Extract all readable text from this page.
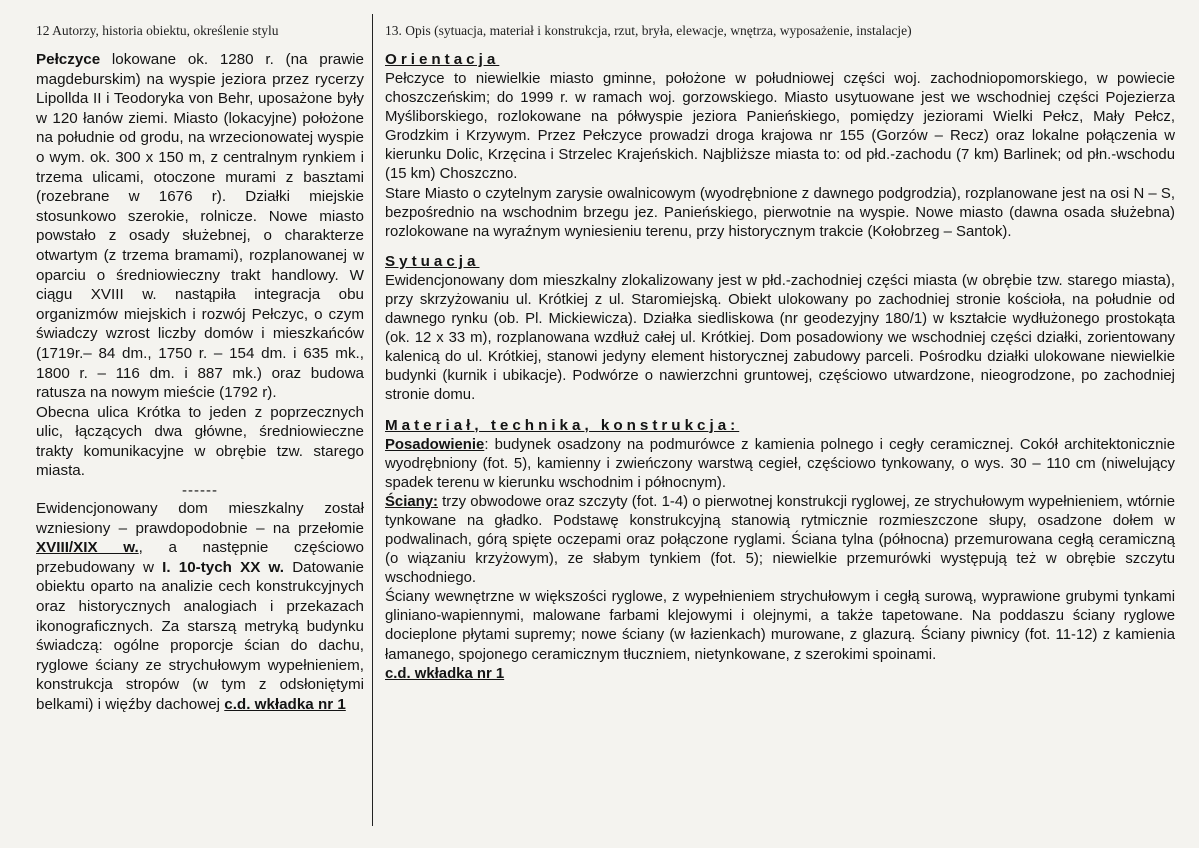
12 Autorzy, historia obiektu, określenie stylu

Pełczyce lokowane ok. 1280 r. (na prawie magdeburskim) na wyspie jeziora przez rycerzy Lipollda II i Teodoryka von Behr, uposażone były w 120 łanów ziemi. Miasto (lokacyjne) położone na południe od grodu, na wrzecionowatej wyspie o wym. ok. 300 x 150 m, z centralnym rynkiem i trzema ulicami, otoczone murami z basztami (rozebrane w 1676 r). Działki miejskie stosunkowo szerokie, rolnicze. Nowe miasto powstało z osady służebnej, o charakterze otwartym (z trzema bramami), rozplanowanej w oparciu o średniowieczny trakt handlowy. W ciągu XVIII w. nastąpiła integracja obu organizmów miejskich i rozwój Pełczyc, o czym świadczy wzrost liczby domów i mieszkańców (1719r.– 84 dm., 1750 r. – 154 dm. i 635 mk., 1800 r. – 116 dm. i 887 mk.) oraz budowa ratusza na nowym mieście (1792 r).

Obecna ulica Krótka to jeden z poprzecznych ulic, łączących dwa główne, średniowieczne trakty komunikacyjne w obrębie tzw. starego miasta.

------

Ewidencjonowany dom mieszkalny został wzniesiony – prawdopodobnie – na przełomie XVIII/XIX w., a następnie częściowo przebudowany w I. 10-tych XX w. Datowanie obiektu oparto na analizie cech konstrukcyjnych oraz historycznych analogiach i przekazach ikonograficznych. Za starszą metryką budynku świadczą: ogólne proporcje ścian do dachu, ryglowe ściany ze strychułowym wypełnieniem, konstrukcja stropów (w tym z odsłoniętymi belkami) i więźby dachowej c.d. wkładka nr 1

13. Opis (sytuacja, materiał i konstrukcja, rzut, bryła, elewacje, wnętrza, wyposażenie, instalacje)

Orientacja

Pełczyce to niewielkie miasto gminne, położone w południowej części woj. zachodniopomorskiego, w powiecie choszczeńskim; do 1999 r. w ramach woj. gorzowskiego. Miasto usytuowane jest we wschodniej części Pojezierza Myśliborskiego, rozlokowane na półwyspie jeziora Panieńskiego, pomiędzy jeziorami Wielki Pełcz, Mały Pełcz, Grodzkim i Krzywym. Przez Pełczyce prowadzi droga krajowa nr 155 (Gorzów – Recz) oraz lokalne połączenia w kierunku Dolic, Krzęcina i Strzelec Krajeńskich. Najbliższe miasta to: od płd.-zachodu (7 km) Barlinek; od płn.-wschodu (15 km) Choszczno.

Stare Miasto o czytelnym zarysie owalnicowym (wyodrębnione z dawnego podgrodzia), rozplanowane jest na osi N – S, bezpośrednio na wschodnim brzegu jez. Panieńskiego, pierwotnie na wyspie. Nowe miasto (dawna osada służebna) rozlokowane na wyraźnym wyniesieniu terenu, przy historycznym trakcie (Kołobrzeg – Santok).

Sytuacja

Ewidencjonowany dom mieszkalny zlokalizowany jest w płd.-zachodniej części miasta (w obrębie tzw. starego miasta), przy skrzyżowaniu ul. Krótkiej z ul. Staromiejską. Obiekt ulokowany po zachodniej stronie kościoła, na południe od dawnego rynku (ob. Pl. Mickiewicza). Działka siedliskowa (nr geodezyjny 180/1) w kształcie wydłużonego prostokąta (ok. 12 x 33 m), rozplanowana wzdłuż całej ul. Krótkiej. Dom posadowiony we wschodniej części działki, zorientowany kalenicą do ul. Krótkiej, stanowi jedyny element historycznej zabudowy parceli. Pośrodku działki ulokowane niewielkie budynki (kurnik i ubikacje). Podwórze o nawierzchni gruntowej, częściowo utwardzone, nieogrodzone, po zachodniej stronie domu.

Materiał, technika, konstrukcja:

Posadowienie: budynek osadzony na podmurówce z kamienia polnego i cegły ceramicznej. Cokół architektonicznie wyodrębniony (fot. 5), kamienny i zwieńczony warstwą cegieł, częściowo tynkowany, o wys. 30 – 110 cm (niwelujący spadek terenu w kierunku wschodnim i północnym).

Ściany: trzy obwodowe oraz szczyty (fot. 1-4) o pierwotnej konstrukcji ryglowej, ze strychułowym wypełnieniem, wtórnie tynkowane na gładko. Podstawę konstrukcyjną stanowią rytmicznie rozmieszczone słupy, osadzone dołem w podwalinach, górą spięte oczepami oraz połączone ryglami. Ściana tylna (północna) przemurowana cegłą ceramiczną (o wiązaniu krzyżowym), ze słabym tynkiem (fot. 5); niewielkie przemurówki występują też w obrębie szczytu wschodniego.

Ściany wewnętrzne w większości ryglowe, z wypełnieniem strychułowym i cegłą surową, wyprawione grubymi tynkami gliniano-wapiennymi, malowane farbami klejowymi i olejnymi, a także tapetowane. Na poddaszu ściany ryglowe docieplone płytami supremy; nowe ściany (w łazienkach) murowane, z glazurą. Ściany piwnicy (fot. 11-12) z kamienia łamanego, spojonego ceramicznym tłuczniem, nietynkowane, z szerokimi spoinami.

c.d. wkładka nr 1
